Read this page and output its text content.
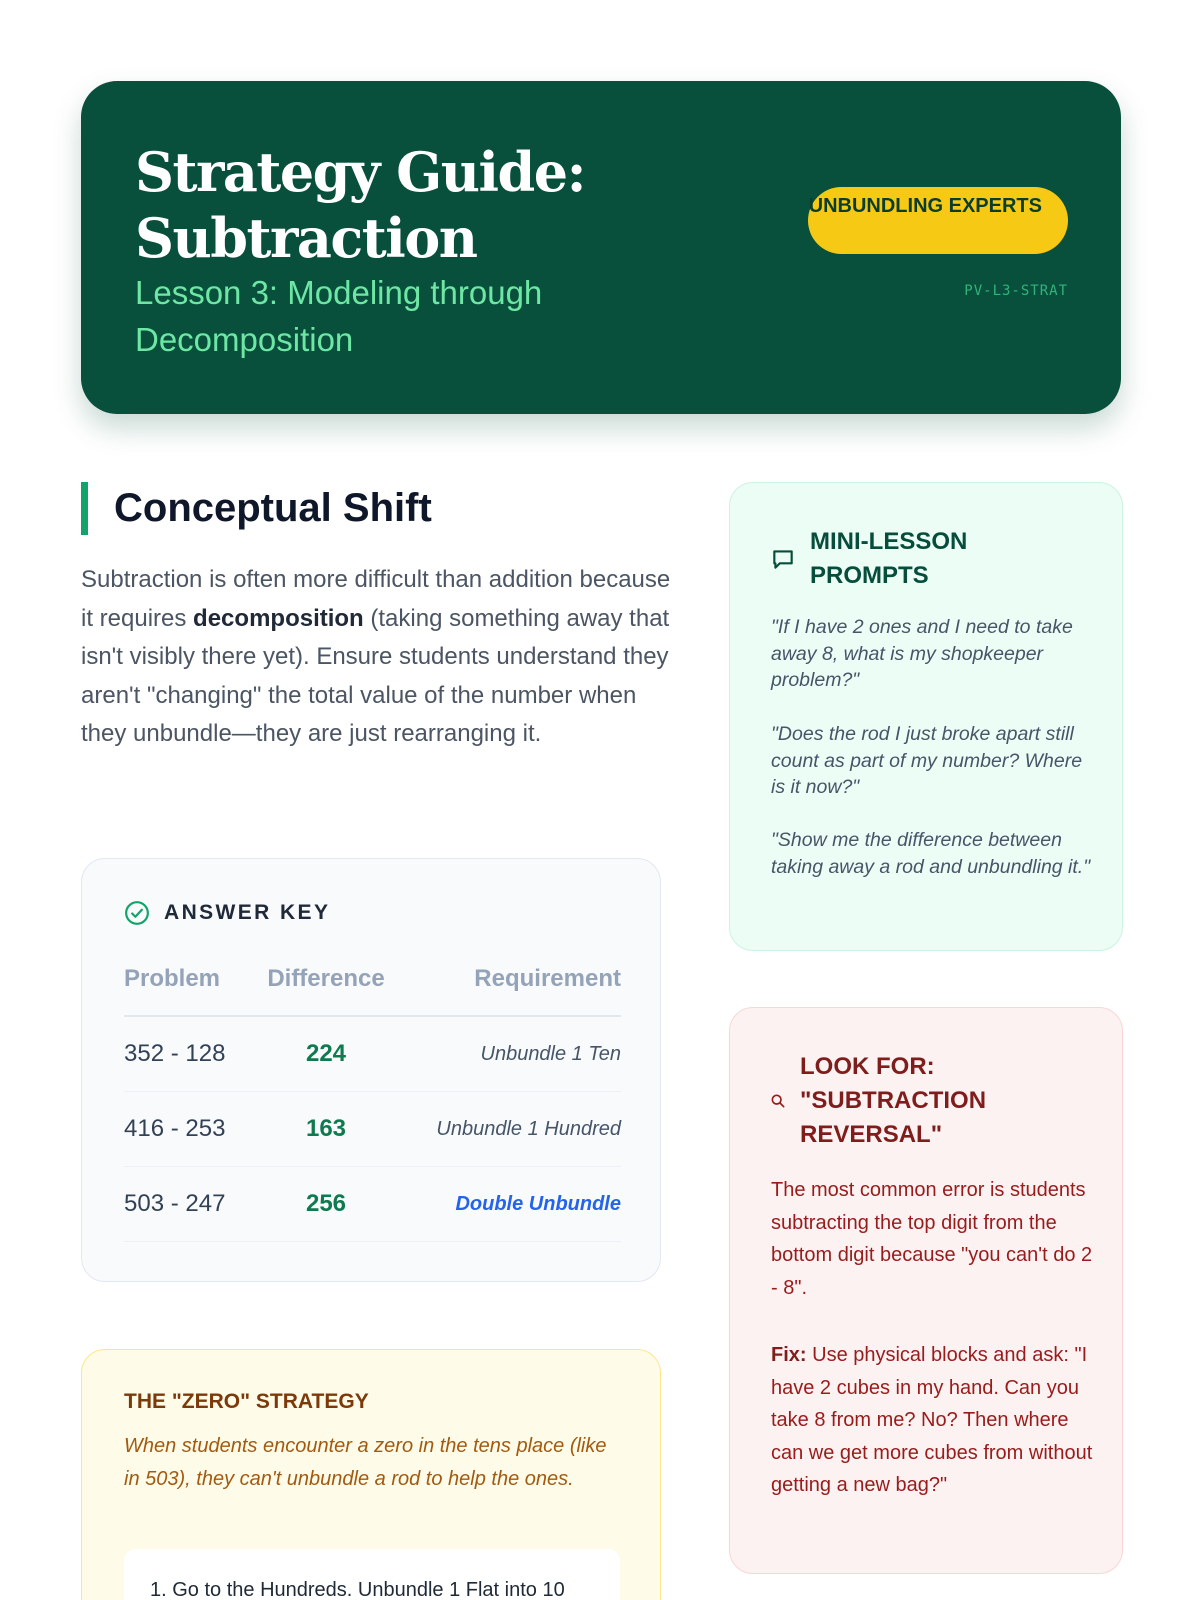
Strategy Guide: Subtraction
Lesson 3: Modeling through Decomposition
UNBUNDLING EXPERTS
PV-L3-STRAT
Conceptual Shift

Subtraction is often more difficult than addition because it requires decomposition (taking something away that isn't visibly there yet). Ensure students understand they aren't "changing" the total value of the number when they unbundle—they are just rearranging it.

ANSWER KEY
Problem	Difference	Requirement
352 - 128	224	Unbundle 1 Ten
416 - 253	163	Unbundle 1 Hundred
503 - 247	256	Double Unbundle
THE "ZERO" STRATEGY
When students encounter a zero in the tens place (like in 503), they can't unbundle a rod to help the ones.
1. Go to the Hundreds. Unbundle 1 Flat into 10
MINI-LESSON PROMPTS
"If I have 2 ones and I need to take away 8, what is my shopkeeper problem?"
"Does the rod I just broke apart still count as part of my number? Where is it now?"
"Show me the difference between taking away a rod and unbundling it."
LOOK FOR: "SUBTRACTION REVERSAL"
The most common error is students subtracting the top digit from the bottom digit because "you can't do 2 - 8".

Fix: Use physical blocks and ask: "I have 2 cubes in my hand. Can you take 8 from me? No? Then where can we get more cubes from without getting a new bag?"
